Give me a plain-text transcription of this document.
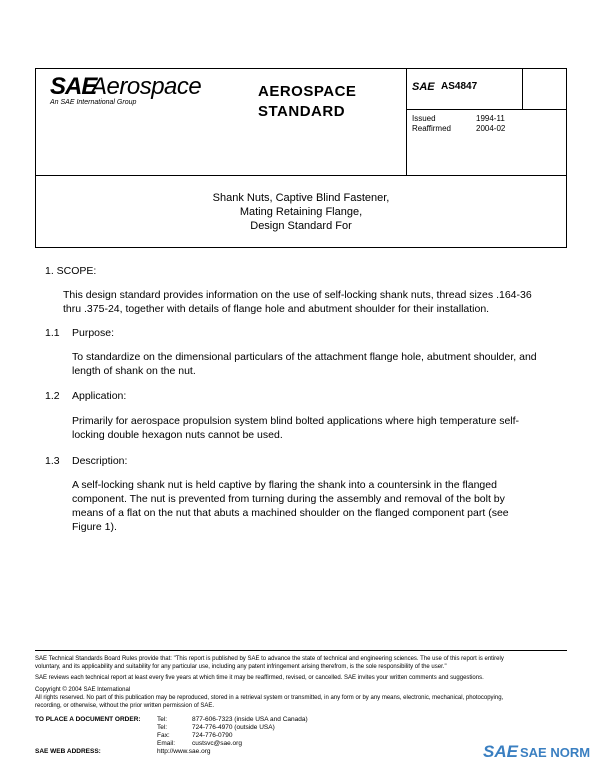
SAE
Aerospace
An SAE International Group
AEROSPACE
STANDARD
SAE AS4847
Issued	1994-11
Reaffirmed	2004-02
Shank Nuts, Captive Blind Fastener,
Mating Retaining Flange,
Design Standard For
1. SCOPE:
This design standard provides information on the use of self-locking shank nuts, thread sizes .164-36
thru .375-24, together with details of flange hole and abutment shoulder for their installation.
1.1 Purpose:
To standardize on the dimensional particulars of the attachment flange hole, abutment shoulder, and
length of shank on the nut.
1.2 Application:
Primarily for aerospace propulsion system blind bolted applications where high temperature self-
locking double hexagon nuts cannot be used.
1.3 Description:
A self-locking shank nut is held captive by flaring the shank into a countersink in the flanged
component. The nut is prevented from turning during the assembly and removal of the bolt by
means of a flat on the nut that abuts a machined shoulder on the flanged component part (see
Figure 1).
SAE Technical Standards Board Rules provide that: "This report is published by SAE to advance the state of technical and engineering sciences. The use of this report is entirely
voluntary, and its applicability and suitability for any particular use, including any patent infringement arising therefrom, is the sole responsibility of the user."
SAE reviews each technical report at least every five years at which time it may be reaffirmed, revised, or cancelled. SAE invites your written comments and suggestions.
Copyright © 2004 SAE International
All rights reserved. No part of this publication may be reproduced, stored in a retrieval system or transmitted, in any form or by any means, electronic, mechanical, photocopying,
recording, or otherwise, without the prior written permission of SAE.
TO PLACE A DOCUMENT ORDER:	Tel:	877-606-7323 (inside USA and Canada)
Tel:	724-776-4970 (outside USA)
Fax:	724-776-0790
Email:	custsvc@sae.org
SAE WEB ADDRESS:	http://www.sae.org	SAE SAE NORM
